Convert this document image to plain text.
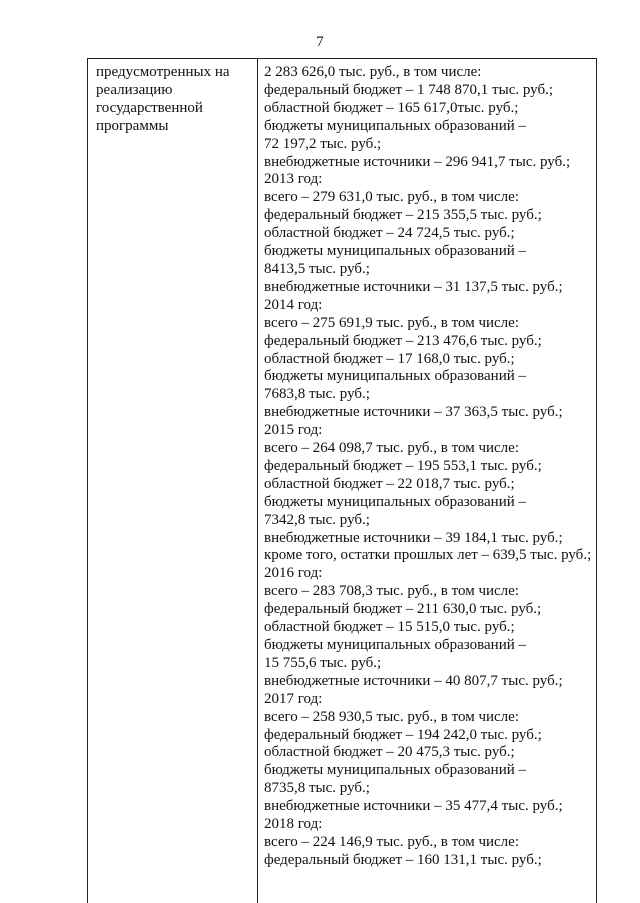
7
предусмотренных на
реализацию
государственной
программы
2 283 626,0 тыс. руб., в том числе:
федеральный бюджет – 1 748 870,1 тыс. руб.;
областной бюджет – 165 617,0тыс. руб.;
бюджеты муниципальных образований –
72 197,2 тыс. руб.;
внебюджетные источники – 296 941,7 тыс. руб.;
2013 год:
всего – 279 631,0 тыс. руб., в том числе:
федеральный бюджет – 215 355,5 тыс. руб.;
областной бюджет – 24 724,5 тыс. руб.;
бюджеты муниципальных образований –
8413,5 тыс. руб.;
внебюджетные источники – 31 137,5 тыс. руб.;
2014 год:
всего – 275 691,9 тыс. руб., в том числе:
федеральный бюджет – 213 476,6 тыс. руб.;
областной бюджет – 17 168,0 тыс. руб.;
бюджеты муниципальных образований –
7683,8 тыс. руб.;
внебюджетные источники – 37 363,5 тыс. руб.;
2015 год:
всего – 264 098,7 тыс. руб., в том числе:
федеральный бюджет – 195 553,1 тыс. руб.;
областной бюджет – 22 018,7 тыс. руб.;
бюджеты муниципальных образований –
7342,8 тыс. руб.;
внебюджетные источники – 39 184,1 тыс. руб.;
кроме того, остатки прошлых лет – 639,5 тыс. руб.;
2016 год:
всего – 283 708,3 тыс. руб., в том числе:
федеральный бюджет – 211 630,0 тыс. руб.;
областной бюджет – 15 515,0 тыс. руб.;
бюджеты муниципальных образований –
15 755,6 тыс. руб.;
внебюджетные источники – 40 807,7 тыс. руб.;
2017 год:
всего – 258 930,5 тыс. руб., в том числе:
федеральный бюджет – 194 242,0 тыс. руб.;
областной бюджет – 20 475,3 тыс. руб.;
бюджеты муниципальных образований –
8735,8 тыс. руб.;
внебюджетные источники – 35 477,4 тыс. руб.;
2018 год:
всего – 224 146,9 тыс. руб., в том числе:
федеральный бюджет – 160 131,1 тыс. руб.;
